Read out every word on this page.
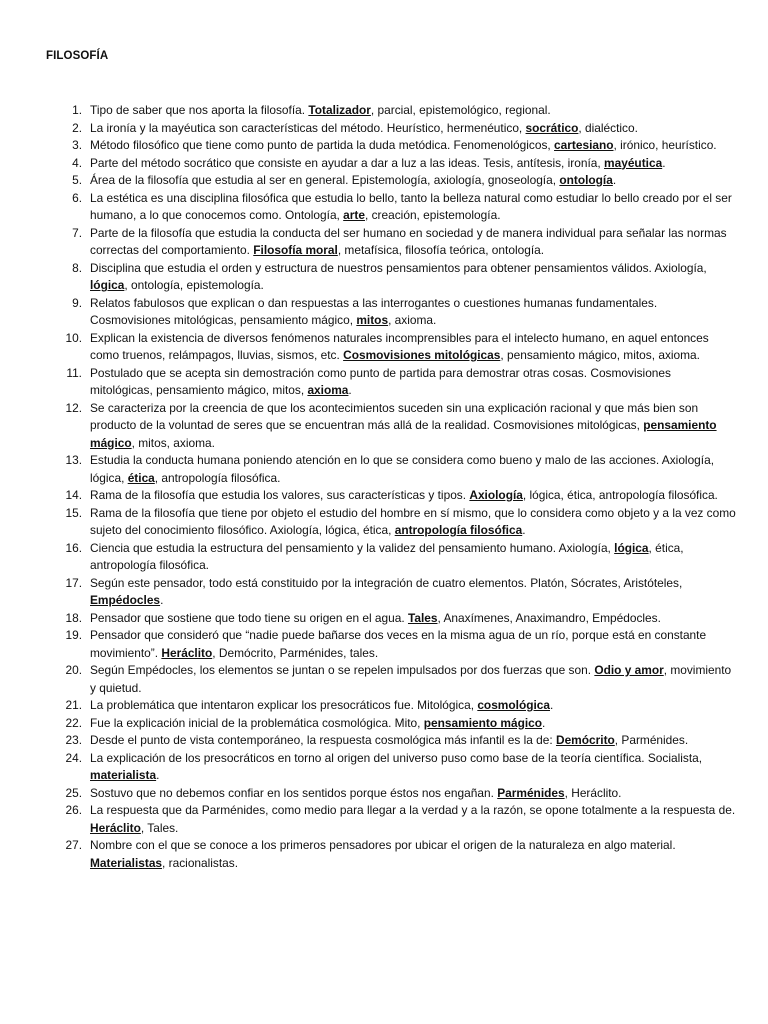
FILOSOFÍA
1. Tipo de saber que nos aporta la filosofía. Totalizador, parcial, epistemológico, regional.
2. La ironía y la mayéutica son características del método. Heurístico, hermenéutico, socrático, dialéctico.
3. Método filosófico que tiene como punto de partida la duda metódica. Fenomenológicos, cartesiano, irónico, heurístico.
4. Parte del método socrático que consiste en ayudar a dar a luz a las ideas. Tesis, antítesis, ironía, mayéutica.
5. Área de la filosofía que estudia al ser en general. Epistemología, axiología, gnoseología, ontología.
6. La estética es una disciplina filosófica que estudia lo bello, tanto la belleza natural como estudiar lo bello creado por el ser humano, a lo que conocemos como. Ontología, arte, creación, epistemología.
7. Parte de la filosofía que estudia la conducta del ser humano en sociedad y de manera individual para señalar las normas correctas del comportamiento. Filosofía moral, metafísica, filosofía teórica, ontología.
8. Disciplina que estudia el orden y estructura de nuestros pensamientos para obtener pensamientos válidos. Axiología, lógica, ontología, epistemología.
9. Relatos fabulosos que explican o dan respuestas a las interrogantes o cuestiones humanas fundamentales. Cosmovisiones mitológicas, pensamiento mágico, mitos, axioma.
10. Explican la existencia de diversos fenómenos naturales incomprensibles para el intelecto humano, en aquel entonces como truenos, relámpagos, lluvias, sismos, etc. Cosmovisiones mitológicas, pensamiento mágico, mitos, axioma.
11. Postulado que se acepta sin demostración como punto de partida para demostrar otras cosas. Cosmovisiones mitológicas, pensamiento mágico, mitos, axioma.
12. Se caracteriza por la creencia de que los acontecimientos suceden sin una explicación racional y que más bien son producto de la voluntad de seres que se encuentran más allá de la realidad. Cosmovisiones mitológicas, pensamiento mágico, mitos, axioma.
13. Estudia la conducta humana poniendo atención en lo que se considera como bueno y malo de las acciones. Axiología, lógica, ética, antropología filosófica.
14. Rama de la filosofía que estudia los valores, sus características y tipos. Axiología, lógica, ética, antropología filosófica.
15. Rama de la filosofía que tiene por objeto el estudio del hombre en sí mismo, que lo considera como objeto y a la vez como sujeto del conocimiento filosófico. Axiología, lógica, ética, antropología filosófica.
16. Ciencia que estudia la estructura del pensamiento y la validez del pensamiento humano. Axiología, lógica, ética, antropología filosófica.
17. Según este pensador, todo está constituido por la integración de cuatro elementos. Platón, Sócrates, Aristóteles, Empédocles.
18. Pensador que sostiene que todo tiene su origen en el agua. Tales, Anaxímenes, Anaximandro, Empédocles.
19. Pensador que consideró que “nadie puede bañarse dos veces en la misma agua de un río, porque está en constante movimiento”. Heráclito, Demócrito, Parménides, tales.
20. Según Empédocles, los elementos se juntan o se repelen impulsados por dos fuerzas que son. Odio y amor, movimiento y quietud.
21. La problemática que intentaron explicar los presocráticos fue. Mitológica, cosmológica.
22. Fue la explicación inicial de la problemática cosmológica. Mito, pensamiento mágico.
23. Desde el punto de vista contemporáneo, la respuesta cosmológica más infantil es la de: Demócrito, Parménides.
24. La explicación de los presocráticos en torno al origen del universo puso como base de la teoría científica. Socialista, materialista.
25. Sostuvo que no debemos confiar en los sentidos porque éstos nos engañan. Parménides, Heráclito.
26. La respuesta que da Parménides, como medio para llegar a la verdad y a la razón, se opone totalmente a la respuesta de. Heráclito, Tales.
27. Nombre con el que se conoce a los primeros pensadores por ubicar el origen de la naturaleza en algo material. Materialistas, racionalistas.
